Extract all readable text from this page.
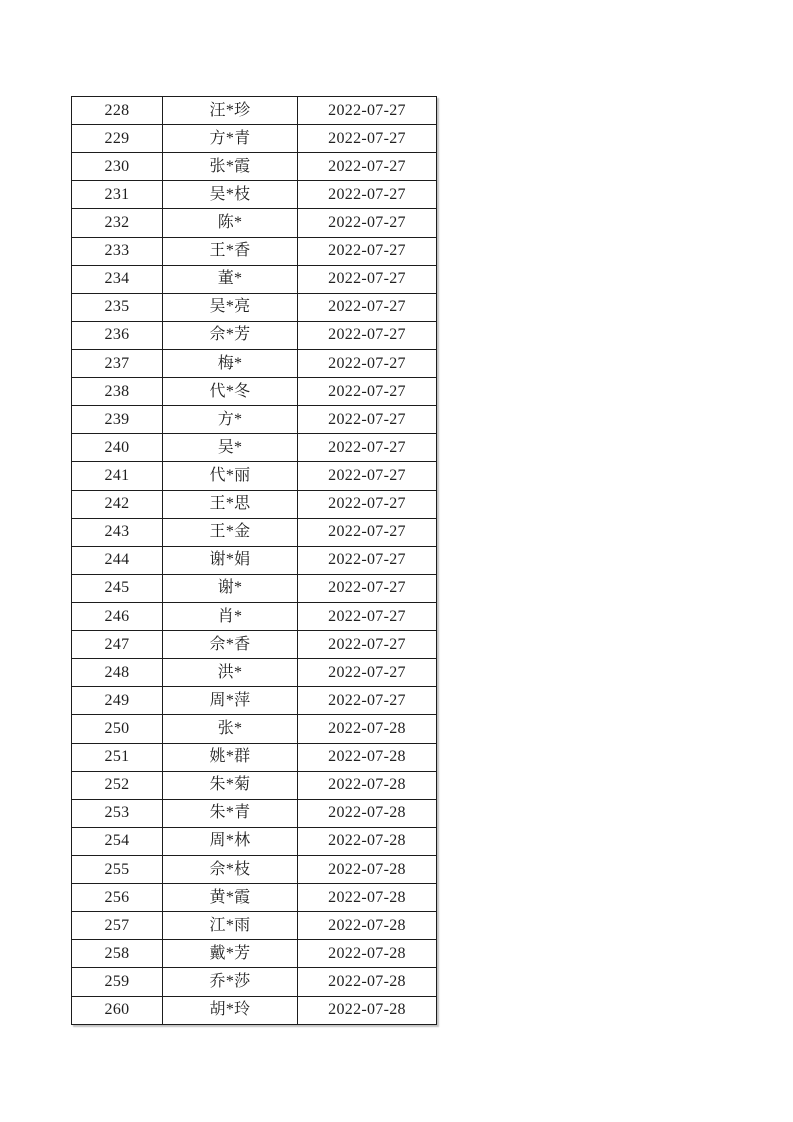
228	汪*珍	2022-07-27
229	方*青	2022-07-27
230	张*霞	2022-07-27
231	吴*枝	2022-07-27
232	陈*	2022-07-27
233	王*香	2022-07-27
234	董*	2022-07-27
235	吴*亮	2022-07-27
236	佘*芳	2022-07-27
237	梅*	2022-07-27
238	代*冬	2022-07-27
239	方*	2022-07-27
240	吴*	2022-07-27
241	代*丽	2022-07-27
242	王*思	2022-07-27
243	王*金	2022-07-27
244	谢*娟	2022-07-27
245	谢*	2022-07-27
246	肖*	2022-07-27
247	佘*香	2022-07-27
248	洪*	2022-07-27
249	周*萍	2022-07-27
250	张*	2022-07-28
251	姚*群	2022-07-28
252	朱*菊	2022-07-28
253	朱*青	2022-07-28
254	周*林	2022-07-28
255	佘*枝	2022-07-28
256	黄*霞	2022-07-28
257	江*雨	2022-07-28
258	戴*芳	2022-07-28
259	乔*莎	2022-07-28
260	胡*玲	2022-07-28
